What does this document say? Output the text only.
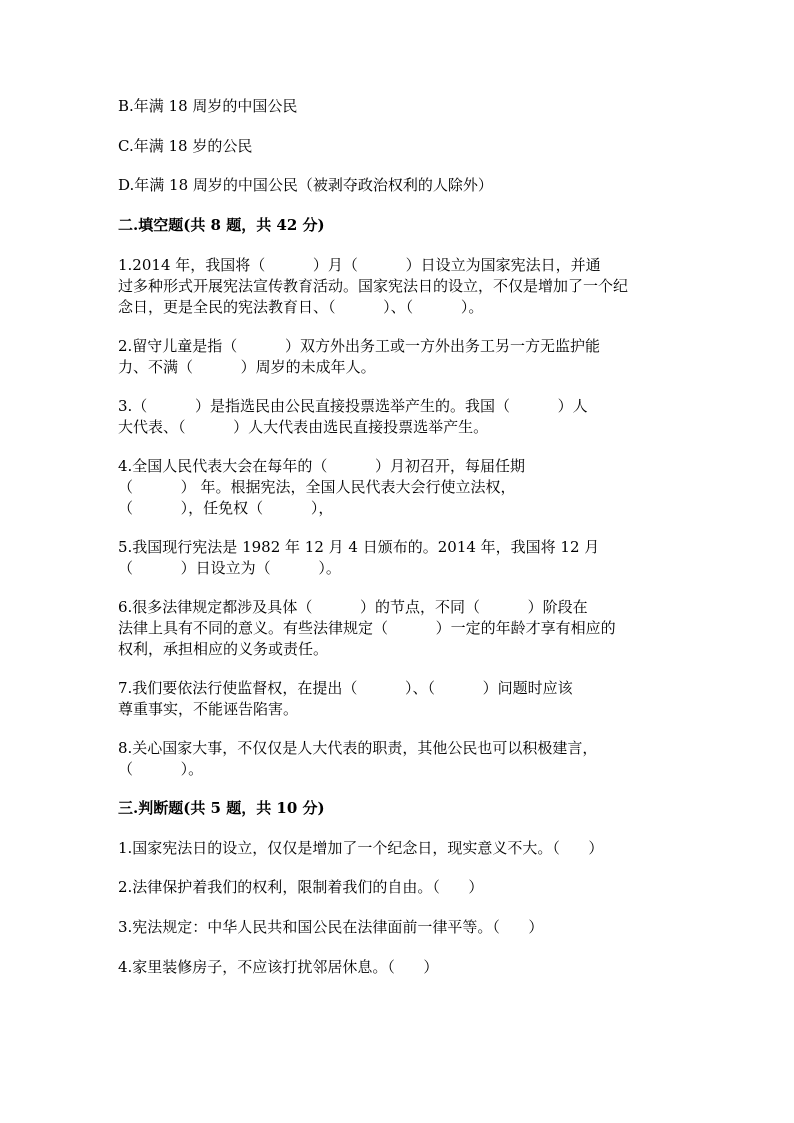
B.年满 18 周岁的中国公民
C.年满 18 岁的公民
D.年满 18 周岁的中国公民（被剥夺政治权利的人除外）
二.填空题(共 8 题，共 42 分)
1.2014 年，我国将（          ）月（          ）日设立为国家宪法日，并通
过多种形式开展宪法宣传教育活动。国家宪法日的设立，不仅是增加了一个纪
念日，更是全民的宪法教育日、（          ）、（          ）。
2.留守儿童是指（          ）双方外出务工或一方外出务工另一方无监护能
力、不满（          ）周岁的未成年人。
3.（          ）是指选民由公民直接投票选举产生的。我国（          ）人
大代表、（          ）人大代表由选民直接投票选举产生。
4.全国人民代表大会在每年的（          ）月初召开，每届任期
（          ） 年。根据宪法，全国人民代表大会行使立法权，
（          ），任免权（          ），
5.我国现行宪法是 1982 年 12 月 4 日颁布的。2014 年，我国将 12 月
（          ）日设立为（          ）。
6.很多法律规定都涉及具体（          ）的节点，不同（          ）阶段在
法律上具有不同的意义。有些法律规定（          ）一定的年龄才享有相应的
权利，承担相应的义务或责任。
7.我们要依法行使监督权，在提出（          ）、（          ）问题时应该
尊重事实，不能诬告陷害。
8.关心国家大事，不仅仅是人大代表的职责，其他公民也可以积极建言，
（          ）。
三.判断题(共 5 题，共 10 分)
1.国家宪法日的设立，仅仅是增加了一个纪念日，现实意义不大。（      ）
2.法律保护着我们的权利，限制着我们的自由。（      ）
3.宪法规定：中华人民共和国公民在法律面前一律平等。（      ）
4.家里装修房子，不应该打扰邻居休息。（      ）
